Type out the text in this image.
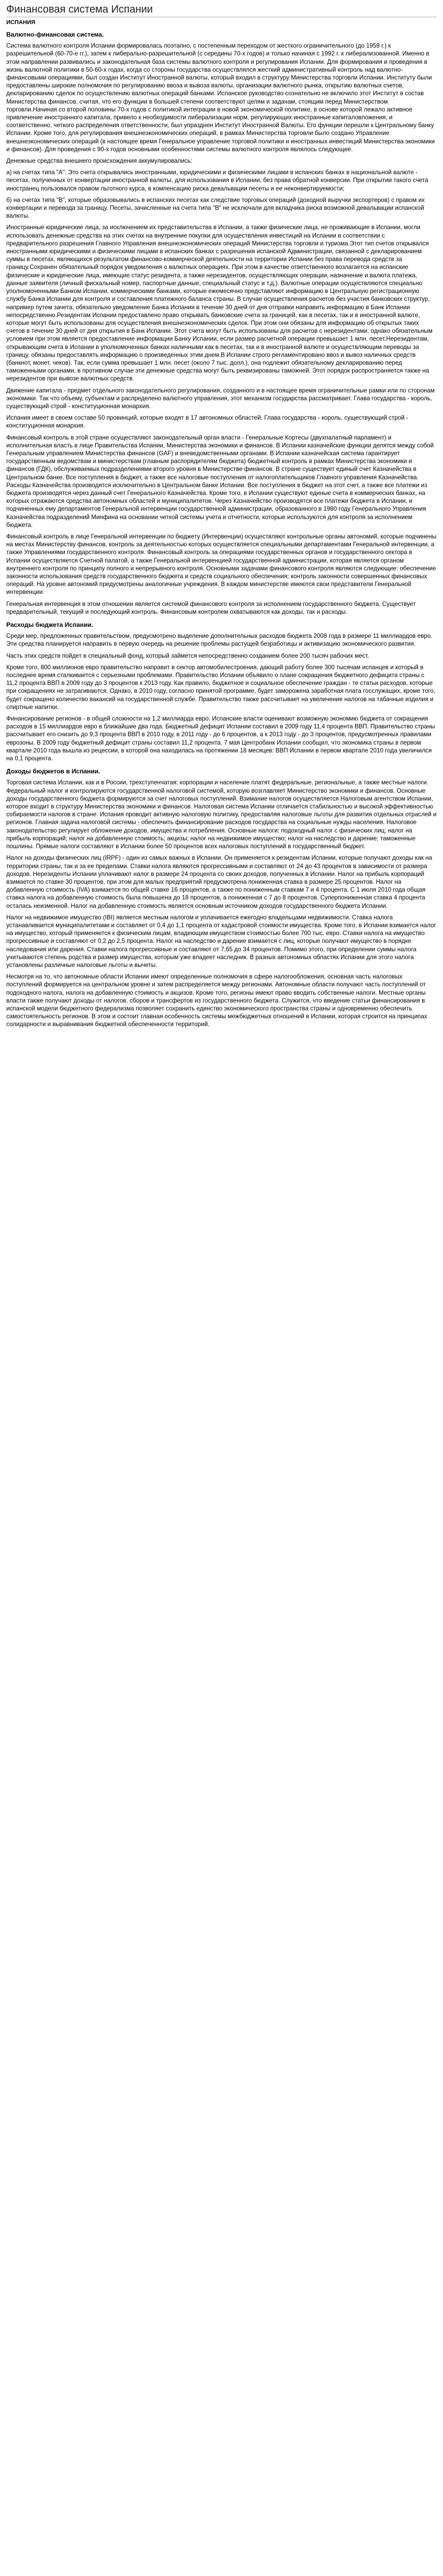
Финансовая система Испании
ИСПАНИЯ
Валютно-финансовая система.

Система валютного контроля Испании формировалась поэтапно, с постепенным переходом от жесткого ограничительного (до 1959 г.) к разрешительной (60-70-е гг.), затем к либерально-разрешительной (с середины 70-х годов) и только начиная с 1992 г. к либерализованной. Именно в этом направлении развивались и законодательная база системы валютного контроля и регулирования Испании. Для формирования и проведения в жизнь валютной политики в 50-60-х годах, когда со стороны государства осуществлялся жесткий административный контроль над валютно-финансовыми операциями, был создан Институт Иностранной валюты, который входил в структуру Министерства торговли Испании. Институту были предоставлены широкие полномочия по регулированию ввоза и вывоза валюты, организации валютного рынка, открытию валютных счетов, декларированию сделок по осуществлению валютных операций банками. Испанское руководство сознательно не включило этот Институт в состав Министерства финансов, считая, что его функции в большей степени соответствуют целям и задачам, стоящим перед Министерством торговли.Начиная со второй половины 70-х годов с политикой интеграции в новой экономической политике, в основе которой лежало активное привлечение иностранного капитала, привело к необходимости либерализации норм, регулирующих иностранные капиталовложения, и соответственно, четкого распределения ответственности, был упразднен Институт Иностранной Валюты. Его функции перешли к Центральному банку Испании. Кроме того, для регулирования внешнеэкономических операций, в рамках Министерства торговли было создано Управление внешнеэкономических операций (в настоящее время Генеральное управление торговой политики и иностранных инвестиций Министерства экономики и финансов). Для проведения с 90-х годов основными особенностями системы валютного контроля являлось следующее.

Денежные средства внешнего происхождения аккумулировались:

а) на счетах типа "А". Это счета открывались иностранными, юридическими и физическими лицами в испанских банках в национальной валюте - песетах, полученных от конвертации иностранной валюты, для использования в Испании, без права обратной конверсии. При открытии такого счета иностранец пользовался правом льготного курса, в компенсацию риска девальвации песеты и ее неконвертируемости;

б) на счетах типа "В", которые образовывались в испанских песетах как следствие торговых операций (доходной выручки экспортеров) с правом их конвертации и перевода за границу. Песеты, зачисленные на счета типа "В" не исключали для вкладчика риска возможной девальвации испанской валюты.

Иностранные юридические лица, за исключением их представительства в Испании, а также физические лица, не проживающие в Испании, могли использовать денежные средства на этих счетах на внутренние покупки для осуществления инвестиций на Испании в соответствии с предварительного разрешения Главного Управления внешнеэкономических операций Министерства торговли и туризма.Этот тип счетов открывался иностранными юридическими и физическими лицами в испанских банках с разрешения испанской Администрации, связанной с декларированием суммы в песетах, являющихся результатом финансово-коммерческой деятельности на территории Испании без права перевода средств за границу.Сохранен обязательный порядок уведомления о валютных операциях. При этом в качестве ответственного возлагается на испанские физические и юридические лица, имеющие статус резидента, а также нерезидентов, осуществляющих операции, назначение и валюта платежа, данные заявителя (личный фискальный номер, паспортные данные, специальный статус и т.д.). Валютные операции осуществляются специально уполномоченными Банком Испании, коммерческими банками, которые ежемесячно представляют информацию в Центральную регистрационную службу Банка Испании для контроля и составления платежного баланса страны. В случае осуществления расчетов без участия банковских структур, например путем зачета, обязательно уведомление Банка Испании в течение 30 дней от дня отправки направить информацию в Банк Испании непосредственно.Резидентам Испании предоставлено право открывать банковские счета за границей, как в песетах, так и в иностранной валюте, которые могут быть использованы для осуществления внешнеэкономических сделок. При этом они обязаны для информацию об открытых таких счетов в течение 30 дней от дня открытия в Банк Испании. Этот счета могут быть использованы для расчетов с нерезидентами, однако обязательным условием при этом является предоставление информации Банку Испании, если размер расчетной операции превышает 1 млн. песет.Нерезидентам, открывающим счета в Испании в уполномоченных банках наличными как в песетах, так и в иностранной валюте и осуществляющим переводы за границу, обязаны предоставлять информацию о произведенных этим днем.В Испании строго регламентировано ввоз и вывоз наличных средств (банкнот, монет, чеков). Так, если сумма превышает 1 млн. песет (около 7 тыс. долл.), она подлежит обязательному декларированию перед таможенными органами, в противном случае эти денежные средства могут быть реквизированы таможней. Этот порядок распространяется также на нерезидентов при вывозе валютных средств.

Движение капитала - предмет отдельного законодательного регулирования, созданного и в настоящее время ограничительные рамки или по сторонам экономики. Так что объему, субъектам и распределено валютного управления, этот механизм государства рассматривает. Глава государства - король, существующий строй - конституционная монархия.

Испания имеет в своем составе 50 провинций, которые входят в 17 автономных областей. Глава государства - король, существующий строй - конституционная монархия.

Финансовый контроль в этой стране осуществляют законодательный орган власти - Генеральные Кортесы (двухпалатный парламент) и исполнительная власть в лице Правительства Испании, Министерства экономики и финансов. В Испании казначейские функции делятся между собой Генеральным управлением Министерства финансов (GAF) и вневедомственными органами. В Испании казначейская система гарантирует государственным ведомствам и министерствам (главным распорядителям бюджета) бюджетный контроль в рамках Министерства экономики и финансов (ГДК), обслуживаемых подразделениями второго уровня в Министерстве финансов. В стране существует единый счет Казначейства в Центральном банке. Все поступления в бюджет, а также все налоговые поступления от налогоплательщиков Главного управления Казначейства. Расходы Казначейства производятся исключительно в Центральном банке Испании. Все поступления в бюджет на этот счет, а также все платежи из бюджета производятся через данный счет Генерального Казначейства. Кроме того, в Испании существуют единые счета в коммерческих банках, на которых отражаются средства автономных областей и муниципалитетов. Через Казначейство производятся все платежи бюджета в Испании, и подчиненных ему департаментов Генеральной интервенции государственной администрации, образованного в 1980 году Генерального Управления Казначейства подразделений Минфина на основании четкой системы учета и отчетности, которые используются для контроля за исполнением бюджета.

Финансовый контроль в лице Генеральной интервенции по бюджету (Интервенции) осуществляют контрольные органы автономий, которые подчинены на местах Министерству финансов, контроль за деятельностью которых осуществляется специальными департаментами Генеральной интервенции, а также Управлениями государственного контроля. Финансовый контроль за операциями государственных органов и государственного сектора в Испании осуществляется Счетной палатой, а также Генеральной интервенцией государственной администрации, которая является органом внутреннего контроля по принципу полного и непрерывного контроля. Основными задачами финансового контроля являются следующие: обеспечение законности использования средств государственного бюджета и средств социального обеспечения; контроль законности совершенных финансовых операций. На уровне автономий предусмотрены аналогичные учреждения. В каждом министерстве имеются свои представители Генеральной интервенции.

Генеральная интервенция в этом отношении является системой финансового контроля за исполнением государственного бюджета. Существует предварительный, текущий и последующий контроль. Финансовым контролем охватываются как доходы, так и расходы.

Расходы бюджета Испании.

Среди мер, предложенных правительством, предусмотрено выделение дополнительных расходов бюджета 2008 года в размере 11 миллиардов евро. Эти средства планируется направить в первую очередь на решение проблемы растущей безработицы и активизацию экономического развития.

Часть этих средств пойдет в специальный фонд, который займется непосредственно созданием более 200 тысяч рабочих мест.

Кроме того, 800 миллионов евро правительство направит в сектор автомобилестроения, дающий работу более 300 тысячам испанцев и который в последнее время сталкивается с серьезными проблемами. Правительство Испании объявило о плане сокращения бюджетного дефицита страны с 11,2 процента ВВП в 2009 году до 3 процентов к 2013 году. Как правило, бюджетное и социальное обеспечение граждан - те статьи расходов, которые при сокращениях не затрагиваются. Однако, в 2010 году, согласно принятой программе, будет заморожена заработная плата госслужащих, кроме того, будет сокращено количество вакансий на государственной службе. Правительство также рассчитывает на увеличение налогов на табачные изделия и спиртные напитки.

Финансирование регионов - в общей сложности на 1,2 миллиарда евро. Испанские власти оценивают возможную экономию бюджета от сокращения расходов в 15 миллиардов евро в ближайшие два года. Бюджетный дефицит Испании составил в 2009 году 11,4 процента ВВП. Правительство страны рассчитывает его снизить до 9,3 процента ВВП в 2010 году, в 2011 году - до 6 процентов, а к 2013 году - до 3 процентов, предусмотренных правилами еврозоны. В 2009 году бюджетный дефицит страны составил 11,2 процента. 7 мая Центробанк Испании сообщил, что экономика страны в первом квартале 2010 года вышла из рецессии, в которой она находилась на протяжении 18 месяцев: ВВП Испании в первом квартале 2010 года увеличился на 0,1 процента.

Доходы бюджетов в Испании.

Торговая система Испании, как и в России, трехступенчатая: корпорации и население платят федеральные, региональные, а также местные налоги. Федеральный налог и контролируются государственной налоговой системой, которую возглавляет Министерство экономики и финансов. Основные доходы государственного бюджета формируются за счет налоговых поступлений. Взимание налогов осуществляется Налоговым агентством Испании, которое входит в структуру Министерства экономики и финансов. Налоговая система Испании отличается стабильностью и высокой эффективностью собираемости налогов в стране. Испания проводит активную налоговую политику, предоставляя налоговые льготы для развития отдельных отраслей и регионов. Главная задача налоговой системы - обеспечить финансирование расходов государства на социальные нужды населения. Налоговое законодательство регулирует обложение доходов, имущества и потребления. Основные налоги: подоходный налог с физических лиц; налог на прибыль корпораций; налог на добавленную стоимость; акцизы; налог на недвижимое имущество; налог на наследство и дарение; таможенные пошлины. Прямые налоги составляют в Испании более 50 процентов всех налоговых поступлений в государственный бюджет.

Налог на доходы физических лиц (IRPF) - один из самых важных в Испании. Он применяется к резидентам Испании, которые получают доходы как на территории страны, так и за ее пределами. Ставки налога являются прогрессивными и составляют от 24 до 43 процентов в зависимости от размера доходов. Нерезиденты Испании уплачивают налог в размере 24 процента со своих доходов, полученных в Испании. Налог на прибыль корпораций взимается по ставке 30 процентов, при этом для малых предприятий предусмотрена пониженная ставка в размере 25 процентов. Налог на добавленную стоимость (IVA) взимается по общей ставке 16 процентов, а также по пониженным ставкам 7 и 4 процента. С 1 июля 2010 года общая ставка налога на добавленную стоимость была повышена до 18 процентов, а пониженная с 7 до 8 процентов. Суперпониженная ставка 4 процента осталась неизменной. Налог на добавленную стоимость является основным источником доходов государственного бюджета Испании.

Налог на недвижимое имущество (IBI) является местным налогом и уплачивается ежегодно владельцами недвижимости. Ставка налога устанавливается муниципалитетами и составляет от 0,4 до 1,1 процента от кадастровой стоимости имущества. Кроме того, в Испании взимается налог на имущество, который применяется к физическим лицам, владеющим имуществом стоимостью более 700 тыс. евро. Ставки налога на имущество прогрессивные и составляют от 0,2 до 2,5 процента. Налог на наследство и дарение взимается с лиц, которые получают имущество в порядке наследования или дарения. Ставки налога прогрессивные и составляют от 7,65 до 34 процентов. Помимо этого, при определении суммы налога учитываются степень родства и размер имущества, которым уже владеет наследник. В разных автономных областях Испании для этого налога установлены различные налоговые льготы и вычеты.

Несмотря на то, что автономные области Испании имеют определенные полномочия в сфере налогообложения, основная часть налоговых поступлений формируется на центральном уровне и затем распределяется между регионами. Автономные области получают часть поступлений от подоходного налога, налога на добавленную стоимость и акцизов. Кроме того, регионы имеют право вводить собственные налоги. Местные органы власти также получают доходы от налогов, сборов и трансфертов из государственного бюджета. Служится, что введение статьи финансирования в испанской модели бюджетного федерализма позволяет сохранить единство экономического пространства страны и одновременно обеспечить самостоятельность регионов. В этом и состоит главная особенность системы межбюджетных отношений в Испании, которая строится на принципах солидарности и выравнивания бюджетной обеспеченности территорий.
